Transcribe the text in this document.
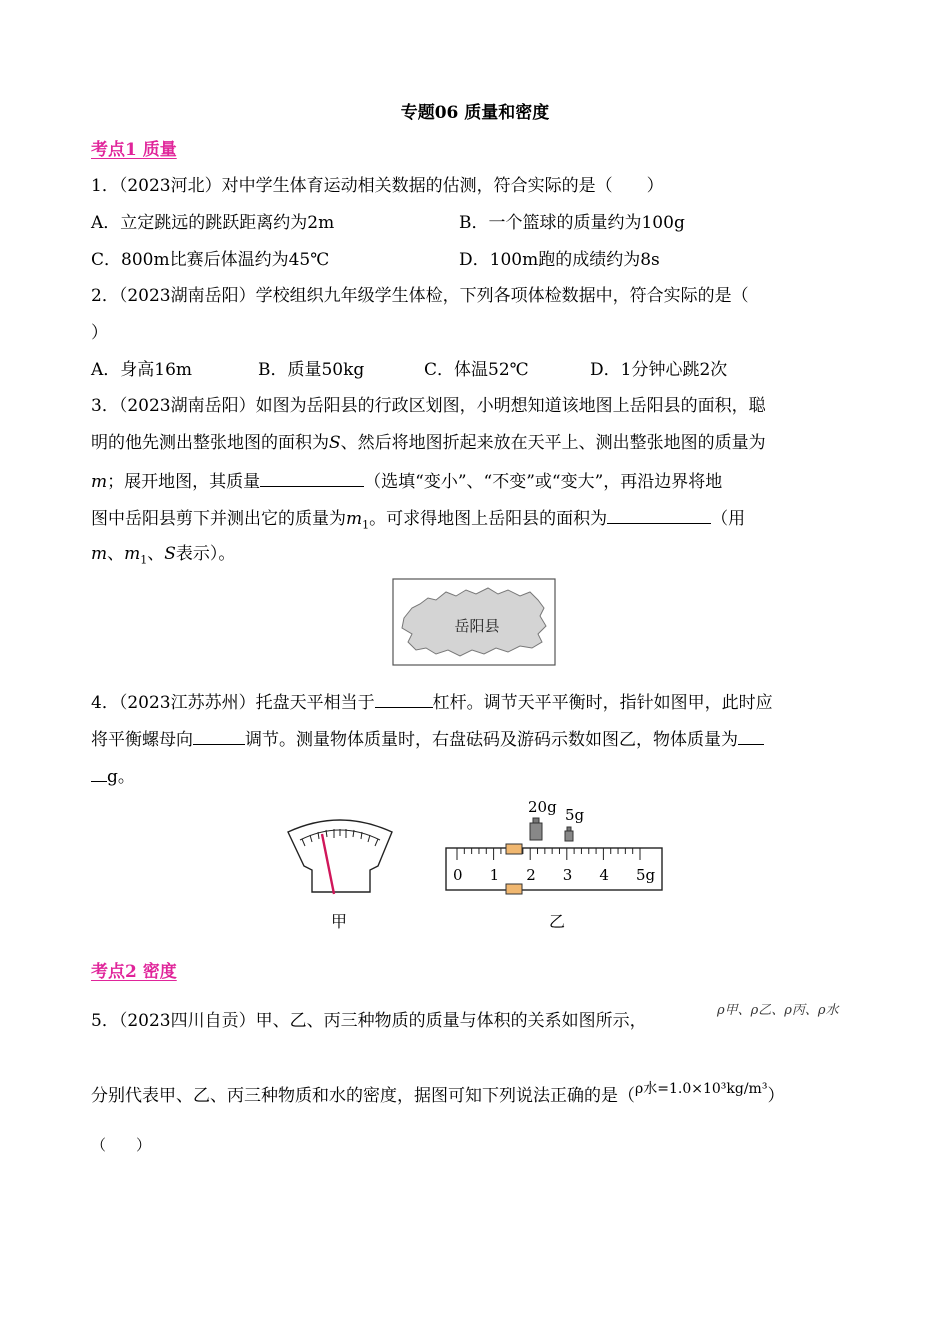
专题06 质量和密度
考点1 质量
1．（2023河北）对中学生体育运动相关数据的估测，符合实际的是（　　）
A．立定跳远的跳跃距离约为2m	B．一个篮球的质量约为100g
C．800m比赛后体温约为45℃	D．100m跑的成绩约为8s
2．（2023湖南岳阳）学校组织九年级学生体检，下列各项体检数据中，符合实际的是（
）
A．身高16m	B．质量50kg	C．体温52℃	D．1分钟心跳2次
3．（2023湖南岳阳）如图为岳阳县的行政区划图，小明想知道该地图上岳阳县的面积，聪
明的他先测出整张地图的面积为S、然后将地图折起来放在天平上、测出整张地图的质量为
m；展开地图，其质量	（选填“变小”、“不变”或“变大”，再沿边界将地
图中岳阳县剪下并测出它的质量为$m_1$。可求得地图上岳阳县的面积为	（用
m、$m_1$、S表示）。
岳阳县
4．（2023江苏苏州）托盘天平相当于	杠杆。调节天平平衡时，指针如图甲，此时应
将平衡螺母向	调节。测量物体质量时，右盘砝码及游码示数如图乙，物体质量为
g。
甲
20g 5g
0 1 2 3 4 5g
乙
考点2 密度
5．（2023四川自贡）甲、乙、丙三种物质的质量与体积的关系如图所示，
ρ甲、ρ乙、ρ丙、ρ水
分别代表甲、乙、丙三种物质和水的密度，据图可知下列说法正确的是（$^{\rho 水=1.0\times 10^3kg/m^3}$）
（　　）
